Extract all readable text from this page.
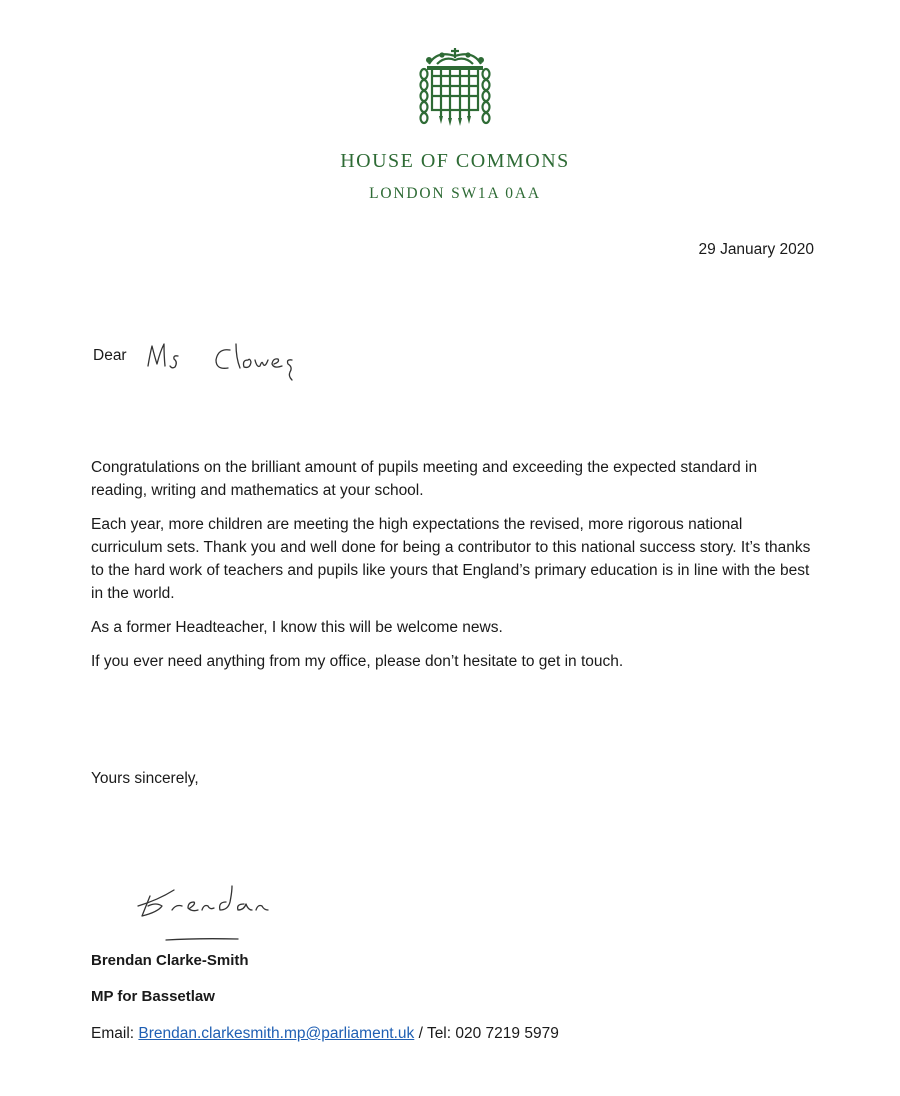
HOUSE OF COMMONS
LONDON SW1A 0AA
29 January 2020
Dear

Congratulations on the brilliant amount of pupils meeting and exceeding the expected standard in reading, writing and mathematics at your school.

Each year, more children are meeting the high expectations the revised, more rigorous national curriculum sets. Thank you and well done for being a contributor to this national success story. It’s thanks to the hard work of teachers and pupils like yours that England’s primary education is in line with the best in the world.

As a former Headteacher, I know this will be welcome news.

If you ever need anything from my office, please don’t hesitate to get in touch.

Yours sincerely,
Brendan Clarke-Smith
MP for Bassetlaw
Email: Brendan.clarkesmith.mp@parliament.uk / Tel: 020 7219 5979
